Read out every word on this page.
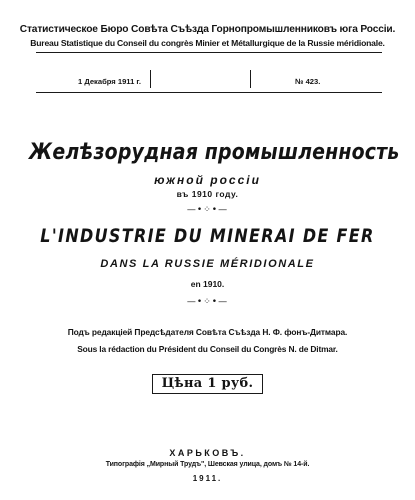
Статистическое Бюро Совѣта Съѣзда Горнопромышленниковъ юга Россіи.
Bureau Statistique du Conseil du congrès Minier et Métallurgique de la Russie méridionale.
1 Декабря 1911 г.	№ 423.
Желѣзорудная промышленность
южной россіи
въ 1910 году.
—•⁘•—
L'INDUSTRIE DU MINERAI DE FER
DANS LA RUSSIE MÉRIDIONALE
en 1910.
—•⁘•—
Подъ редакціей Предсѣдателя Совѣта Съѣзда Н. Ф. фонъ-Дитмара.
Sous la rédaction du Président du Conseil du Congrès N. de Ditmar.
Цѣна 1 руб.
ХАРЬКОВЪ.
Типографія „Мирный Трудъ", Шевская улица, домъ № 14-й.
1911.
